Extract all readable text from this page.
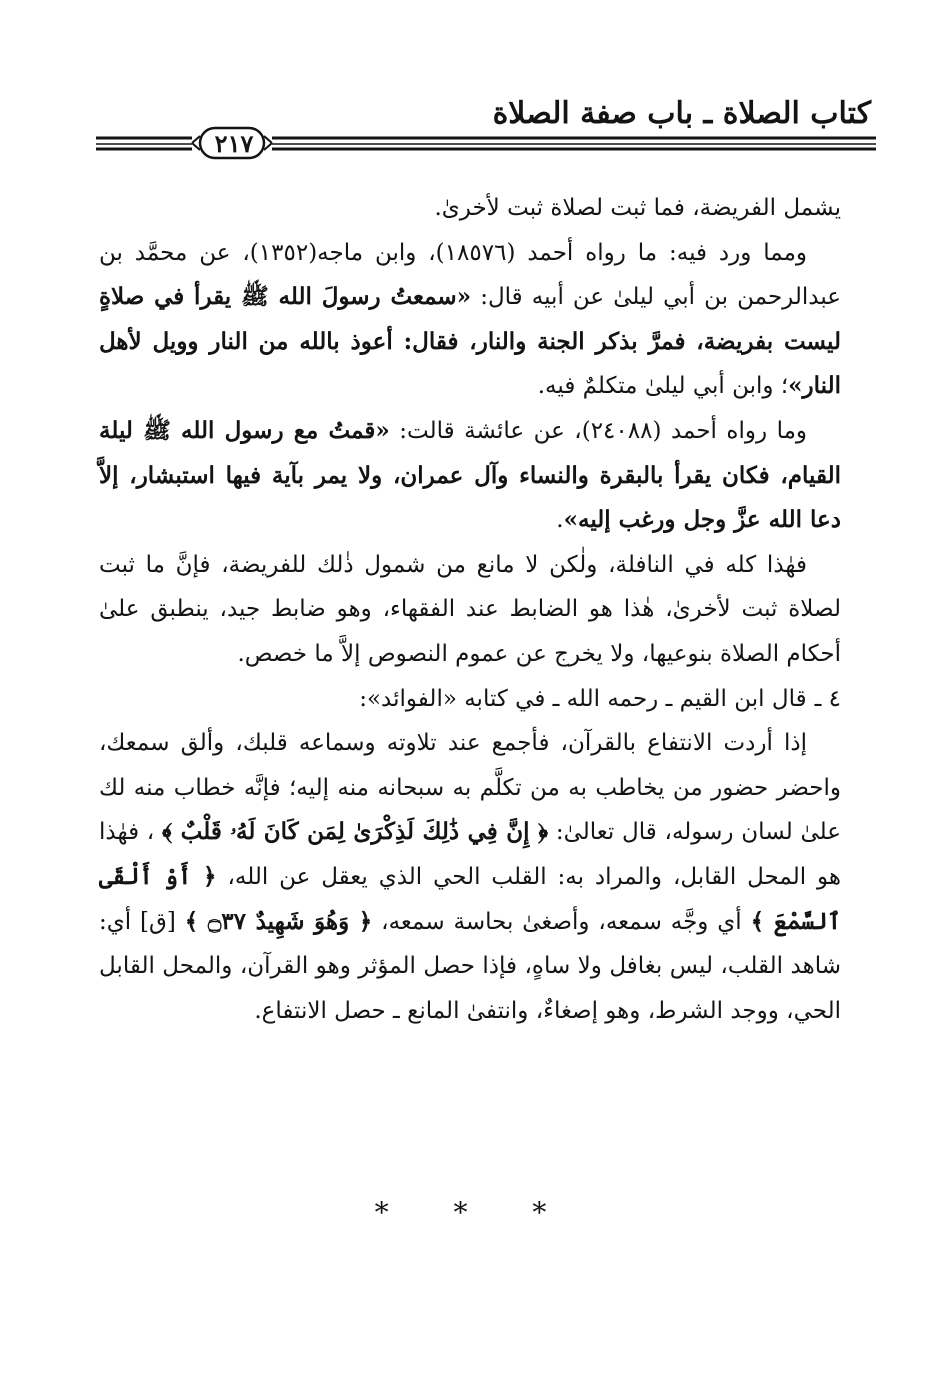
كتاب الصلاة ـ باب صفة الصلاة
٢١٧

يشمل الفريضة، فما ثبت لصلاة ثبت لأخرىٰ.

ومما ورد فيه: ما رواه أحمد (١٨٥٧٦)، وابن ماجه(١٣٥٢)، عن محمَّد بن عبدالرحمن بن أبي ليلىٰ عن أبيه قال: «سمعتُ رسولَ الله ﷺ يقرأ في صلاةٍ ليست بفريضة، فمرَّ بذكر الجنة والنار، فقال: أعوذ بالله من النار وويل لأهل النار»؛ وابن أبي ليلىٰ متكلمٌ فيه.

وما رواه أحمد (٢٤٠٨٨)، عن عائشة قالت: «قمتُ مع رسول الله ﷺ ليلة القيام، فكان يقرأ بالبقرة والنساء وآل عمران، ولا يمر بآية فيها استبشار، إلاَّ دعا الله عزَّ وجل ورغب إليه».

فهٰذا كله في النافلة، ولٰكن لا مانع من شمول ذٰلك للفريضة، فإنَّ ما ثبت لصلاة ثبت لأخرىٰ، هٰذا هو الضابط عند الفقهاء، وهو ضابط جيد، ينطبق علىٰ أحكام الصلاة بنوعيها، ولا يخرج عن عموم النصوص إلاَّ ما خصص.

٤ ـ
قال ابن القيم ـ رحمه الله ـ في كتابه «الفوائد»:

إذا أردت الانتفاع بالقرآن، فأجمع عند تلاوته وسماعه قلبك، وألق سمعك، واحضر حضور من يخاطب به من تكلَّم به سبحانه منه إليه؛ فإنَّه خطاب منه لك علىٰ لسان رسوله، قال تعالىٰ: ﴿ إِنَّ فِي ذَٰلِكَ لَذِكْرَىٰ لِمَن كَانَ لَهُۥ قَلْبٌ ﴾ ، فهٰذا هو المحل القابل، والمراد به: القلب الحي الذي يعقل عن الله، ﴿ أَوْ أَلْقَى ٱلسَّمْعَ ﴾ أي وجَّه سمعه، وأصغىٰ بحاسة سمعه، ﴿ وَهُوَ شَهِيدٌ ۝٣٧ ﴾ [ق] أي: شاهد القلب، ليس بغافل ولا ساهٍ، فإذا حصل المؤثر وهو القرآن، والمحل القابل الحي، ووجد الشرط، وهو إصغاءٌ، وانتفىٰ المانع ـ حصل الانتفاع.

* * *
